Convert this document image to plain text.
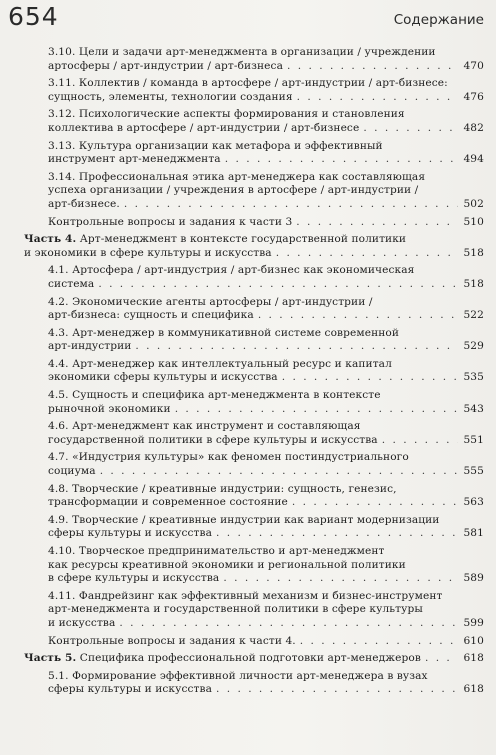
654	Содержание
3.10. Цели и задачи арт-менеджмента в организации / учреждении
артосферы / арт-индустрии / арт-бизнеса . . .	470
3.11. Коллектив / команда в артосфере / арт-индустрии / арт-бизнесе:
сущность, элементы, технологии создания . . .	476
3.12. Психологические аспекты формирования и становления
коллектива в артосфере / арт-индустрии / арт-бизнесе . . .	482
3.13. Культура организации как метафора и эффективный
инструмент арт-менеджмента . . .	494
3.14. Профессиональная этика арт-менеджера как составляющая
успеха организации / учреждения в артосфере / арт-индустрии /
арт-бизнесе. . . .	502
Контрольные вопросы и задания к части 3 . . .	510
Часть 4. Арт-менеджмент в контексте государственной политики
и экономики в сфере культуры и искусства . . .	518
4.1. Артосфера / арт-индустрия / арт-бизнес как экономическая
система . . .	518
4.2. Экономические агенты артосферы / арт-индустрии /
арт-бизнеса: сущность и специфика . . .	522
4.3. Арт-менеджер в коммуникативной системе современной
арт-индустрии . . .	529
4.4. Арт-менеджер как интеллектуальный ресурс и капитал
экономики сферы культуры и искусства . . .	535
4.5. Сущность и специфика арт-менеджмента в контексте
рыночной экономики . . .	543
4.6. Арт-менеджмент как инструмент и составляющая
государственной политики в сфере культуры и искусства . . .	551
4.7. «Индустрия культуры» как феномен постиндустриального
социума . . .	555
4.8. Творческие / креативные индустрии: сущность, генезис,
трансформации и современное состояние . . .	563
4.9. Творческие / креативные индустрии как вариант модернизации
сферы культуры и искусства . . .	581
4.10. Творческое предпринимательство и арт-менеджмент
как ресурсы креативной экономики и региональной политики
в сфере культуры и искусства . . .	589
4.11. Фандрейзинг как эффективный механизм и бизнес-инструмент
арт-менеджмента и государственной политики в сфере культуры
и искусства . . .	599
Контрольные вопросы и задания к части 4. . . .	610
Часть 5. Специфика профессиональной подготовки арт-менеджеров . . .	618
5.1. Формирование эффективной личности арт-менеджера в вузах
сферы культуры и искусства . . .	618
